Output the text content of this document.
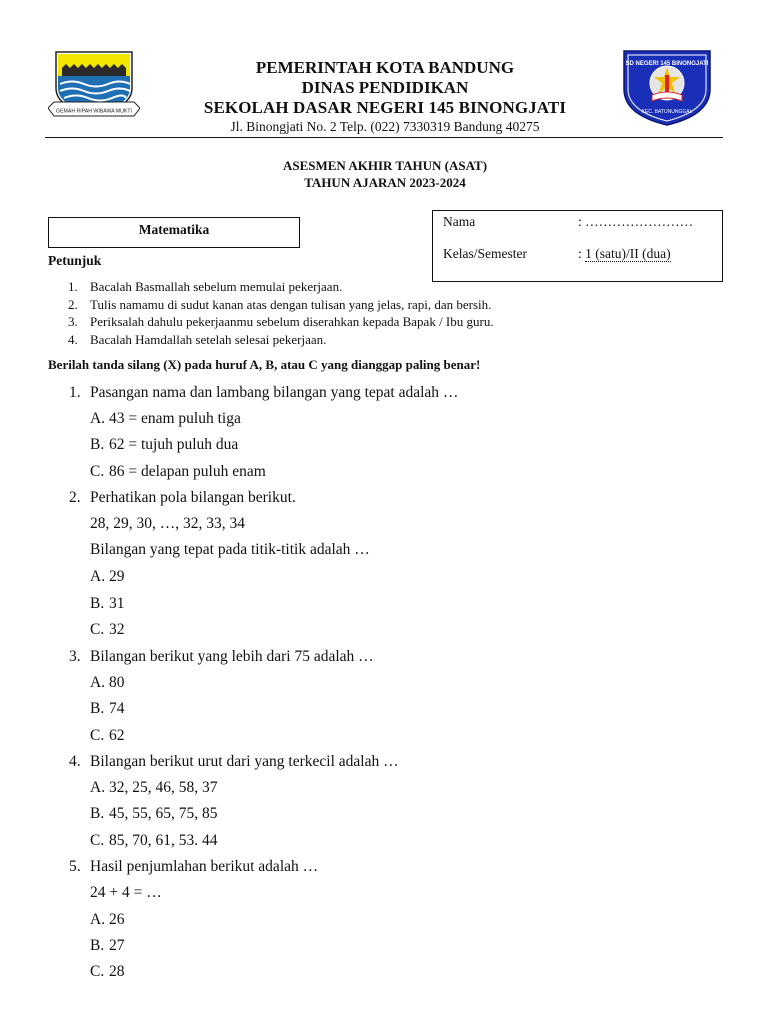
GEMAH RIPAH WIBAWA MUKTI
SD NEGERI 145 BINONGJATI
KEC. BATUNUNGGAL
PEMERINTAH KOTA BANDUNG
DINAS PENDIDIKAN
SEKOLAH DASAR NEGERI 145 BINONGJATI
Jl. Binongjati No. 2 Telp. (022) 7330319 Bandung 40275
ASESMEN AKHIR TAHUN (ASAT)
TAHUN AJARAN 2023-2024
Matematika
Nama	: ……………………
Kelas/Semester	: 1 (satu)/II (dua)
Petunjuk
1. Bacalah Basmallah sebelum memulai pekerjaan.
2. Tulis namamu di sudut kanan atas dengan tulisan yang jelas, rapi, dan bersih.
3. Periksalah dahulu pekerjaanmu sebelum diserahkan kepada Bapak / Ibu guru.
4. Bacalah Hamdallah setelah selesai pekerjaan.
Berilah tanda silang (X) pada huruf A, B, atau C yang dianggap paling benar!
1. Pasangan nama dan lambang bilangan yang tepat adalah …
A. 43 = enam puluh tiga
B. 62 = tujuh puluh dua
C. 86 = delapan puluh enam
2. Perhatikan pola bilangan berikut.
28, 29, 30, …, 32, 33, 34
Bilangan yang tepat pada titik-titik adalah …
A. 29
B. 31
C. 32
3. Bilangan berikut yang lebih dari 75 adalah …
A. 80
B. 74
C. 62
4. Bilangan berikut urut dari yang terkecil adalah …
A. 32, 25, 46, 58, 37
B. 45, 55, 65, 75, 85
C. 85, 70, 61, 53. 44
5. Hasil penjumlahan berikut adalah …
24 + 4 = …
A. 26
B. 27
C. 28
